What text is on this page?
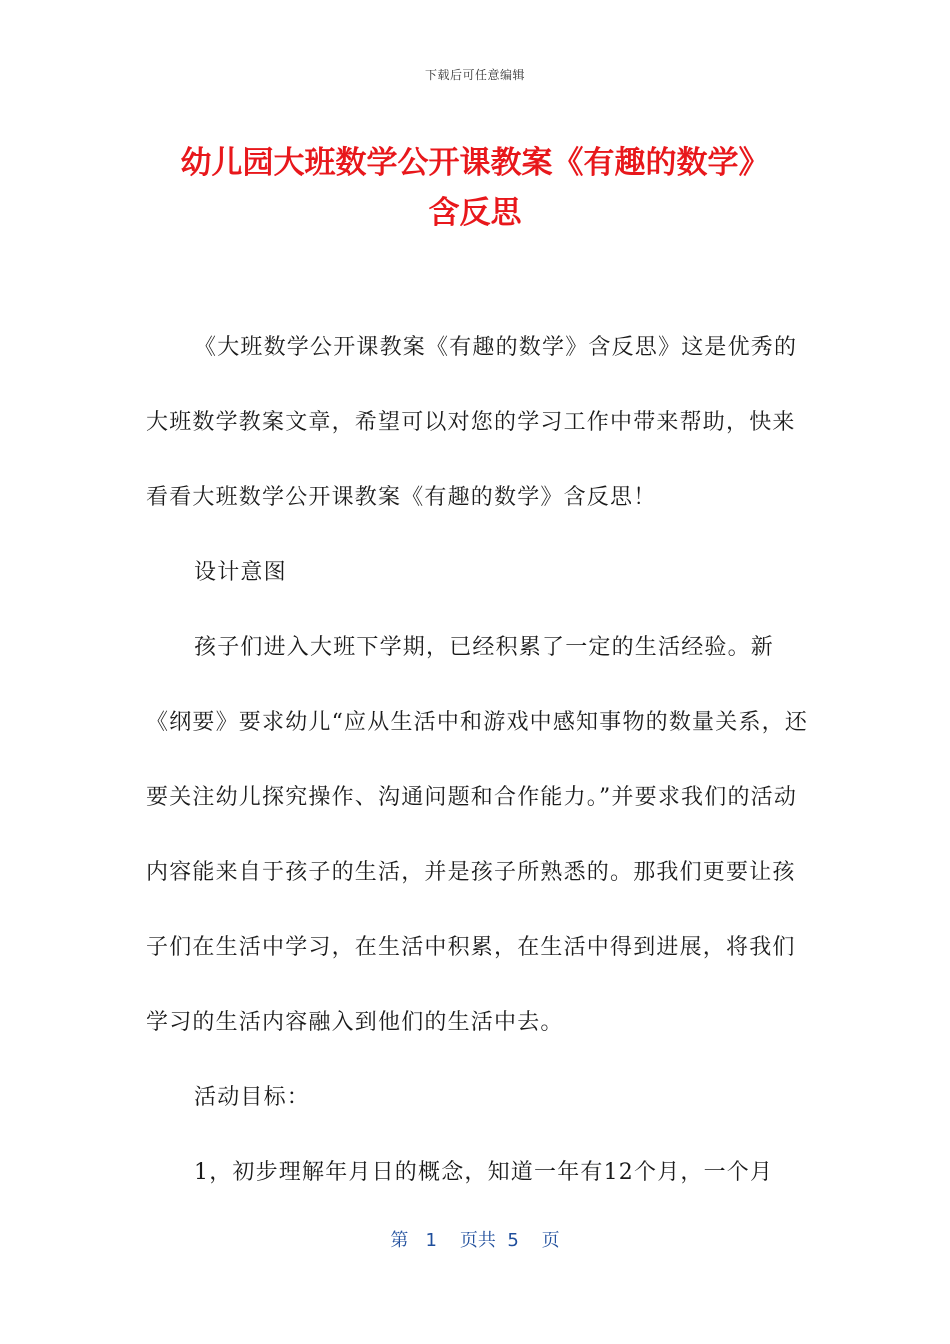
下载后可任意编辑
幼儿园大班数学公开课教案《有趣的数学》
含反思

《大班数学公开课教案《有趣的数学》含反思》这是优秀的大班数学教案文章，希望可以对您的学习工作中带来帮助，快来看看大班数学公开课教案《有趣的数学》含反思！

设计意图

孩子们进入大班下学期，已经积累了一定的生活经验。新《纲要》要求幼儿“应从生活中和游戏中感知事物的数量关系，还要关注幼儿探究操作、沟通问题和合作能力。”并要求我们的活动内容能来自于孩子的生活，并是孩子所熟悉的。那我们更要让孩子们在生活中学习，在生活中积累，在生活中得到进展，将我们学习的生活内容融入到他们的生活中去。

活动目标：

1，初步理解年月日的概念，知道一年有12个月，一个月

第 1 页共 5 页
